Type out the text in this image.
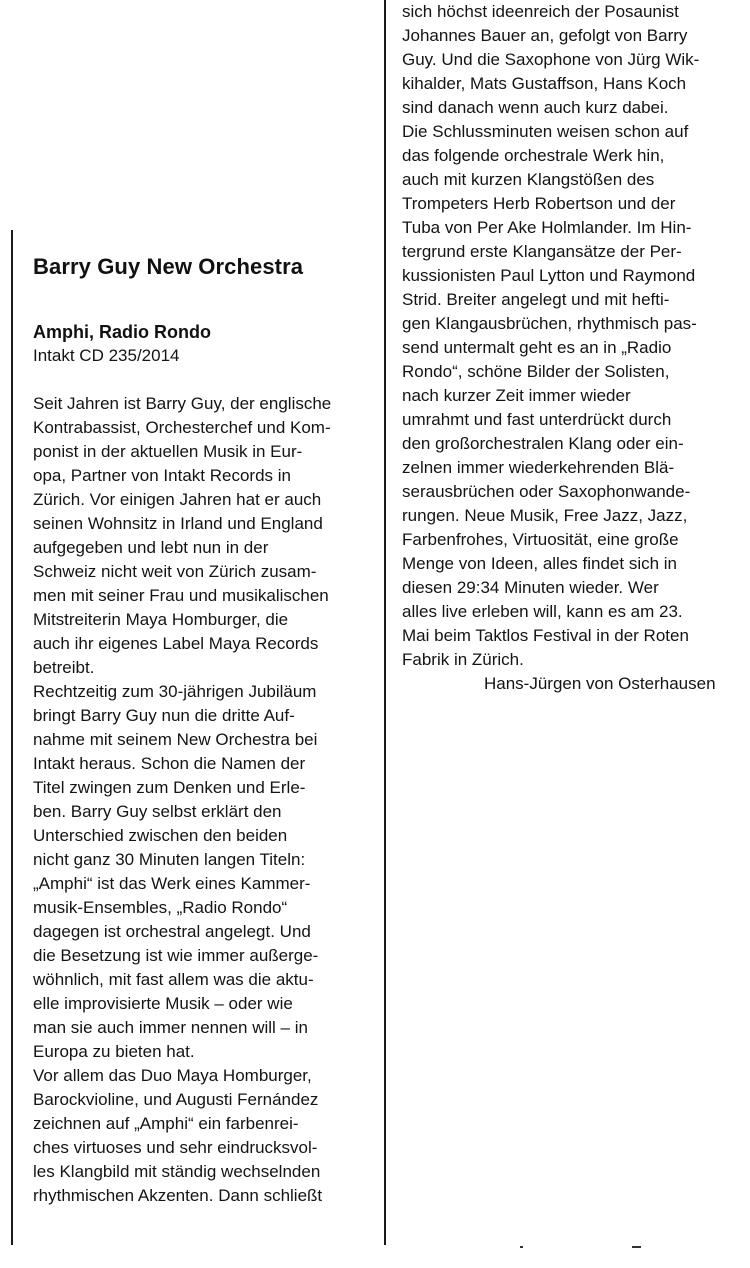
Barry Guy New Orchestra
Amphi, Radio Rondo
Intakt CD 235/2014
Seit Jahren ist Barry Guy, der englische
Kontrabassist, Orchesterchef und Kom-
ponist in der aktuellen Musik in Eur-
opa, Partner von Intakt Records in
Zürich. Vor einigen Jahren hat er auch
seinen Wohnsitz in Irland und England
aufgegeben und lebt nun in der
Schweiz nicht weit von Zürich zusam-
men mit seiner Frau und musikalischen
Mitstreiterin Maya Homburger, die
auch ihr eigenes Label Maya Records
betreibt.
Rechtzeitig zum 30-jährigen Jubiläum
bringt Barry Guy nun die dritte Auf-
nahme mit seinem New Orchestra bei
Intakt heraus. Schon die Namen der
Titel zwingen zum Denken und Erle-
ben. Barry Guy selbst erklärt den
Unterschied zwischen den beiden
nicht ganz 30 Minuten langen Titeln:
„Amphi“ ist das Werk eines Kammer-
musik-Ensembles, „Radio Rondo“
dagegen ist orchestral angelegt. Und
die Besetzung ist wie immer außerge-
wöhnlich, mit fast allem was die aktu-
elle improvisierte Musik – oder wie
man sie auch immer nennen will – in
Europa zu bieten hat.
Vor allem das Duo Maya Homburger,
Barockvioline, und Augusti Fernández
zeichnen auf „Amphi“ ein farbenrei-
ches virtuoses und sehr eindrucksvol-
les Klangbild mit ständig wechselnden
rhythmischen Akzenten. Dann schließt
sich höchst ideenreich der Posaunist
Johannes Bauer an, gefolgt von Barry
Guy. Und die Saxophone von Jürg Wik-
kihalder, Mats Gustaffson, Hans Koch
sind danach wenn auch kurz dabei.
Die Schlussminuten weisen schon auf
das folgende orchestrale Werk hin,
auch mit kurzen Klangstößen des
Trompeters Herb Robertson und der
Tuba von Per Ake Holmlander. Im Hin-
tergrund erste Klangansätze der Per-
kussionisten Paul Lytton und Raymond
Strid. Breiter angelegt und mit hefti-
gen Klangausbrüchen, rhythmisch pas-
send untermalt geht es an in „Radio
Rondo“, schöne Bilder der Solisten,
nach kurzer Zeit immer wieder
umrahmt und fast unterdrückt durch
den großorchestralen Klang oder ein-
zelnen immer wiederkehrenden Blä-
serausbrüchen oder Saxophonwande-
rungen. Neue Musik, Free Jazz, Jazz,
Farbenfrohes, Virtuosität, eine große
Menge von Ideen, alles findet sich in
diesen 29:34 Minuten wieder. Wer
alles live erleben will, kann es am 23.
Mai beim Taktlos Festival in der Roten
Fabrik in Zürich.
Hans-Jürgen von Osterhausen
